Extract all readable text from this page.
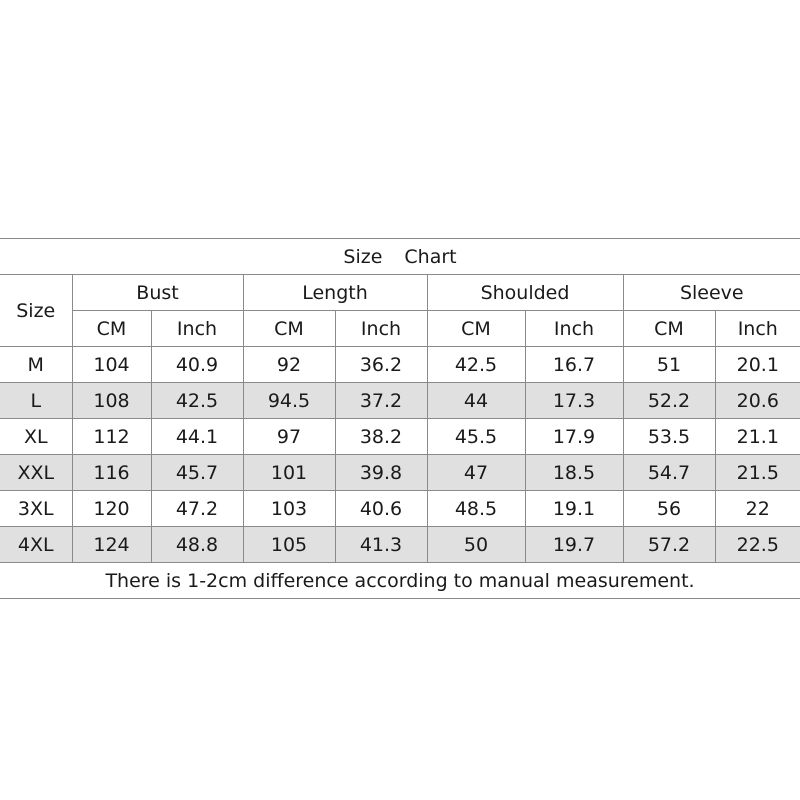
Size Chart								
Size	Bust		Length		Shoulded		Sleeve	
	CM	Inch	CM	Inch	CM	Inch	CM	Inch
M	104	40.9	92	36.2	42.5	16.7	51	20.1
L	108	42.5	94.5	37.2	44	17.3	52.2	20.6
XL	112	44.1	97	38.2	45.5	17.9	53.5	21.1
XXL	116	45.7	101	39.8	47	18.5	54.7	21.5
3XL	120	47.2	103	40.6	48.5	19.1	56	22
4XL	124	48.8	105	41.3	50	19.7	57.2	22.5
There is 1-2cm difference according to manual measurement.								
